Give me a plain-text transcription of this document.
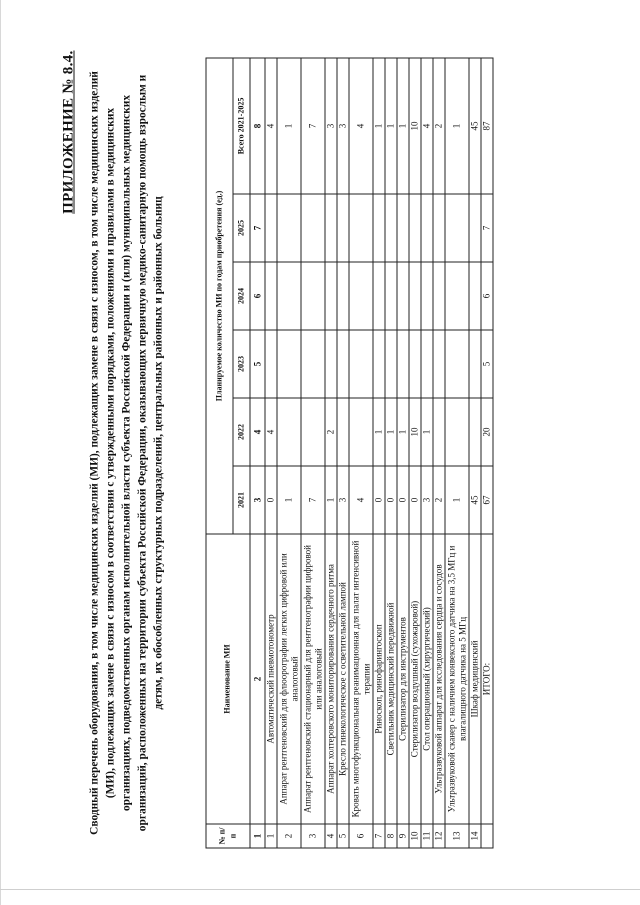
ПРИЛОЖЕНИЕ № 8.4. Сводный перечень оборудования, в том числе медицинских изделий (МИ), подлежащих замене в связи с износом, в том числе медицинских изделий (МИ), подлежащих замене в связи с износом в соответствии с утвержденными порядками, положениями и правилами в медицинских организациях, подведомственных органам исполнительной власти субъекта Российской Федерации и (или) муниципальных медицинских организаций, расположенных на территории субъекта Российской Федерации, оказывающих первичную медико-санитарную помощь взрослым и детям, их обособленных структурных подразделений, центральных районных и районных больниц
№ п/п	Наименование МИ	Планируемое количество МИ по годам приобретения (ед.)					
		2021	2022	2023	2024	2025	Всего 2021-2025
1	2	3	4	5	6	7	8
1	Автоматический пневмотонометр	0	4				4
2	Аппарат рентгеновский для флюорографии легких цифровой или аналоговый	1					1
3	Аппарат рентгеновский стационарный для рентгенографии цифровой или аналоговый	7					7
4	Аппарат холтеровского мониторирования сердечного ритма	1	2				3
5	Кресло гинекологическое с осветительной лампой	3					3
6	Кровать многофункциональная реанимационная для палат интенсивной терапии	4					4
7	Риноскоп, ринофарингоскоп	0	1				1
8	Светильник медицинский передвижной	0	1				1
9	Стерилизатор для инструментов	0	1				1
10	Стерилизатор воздушный (сухожаровой)	0	10				10
11	Стол операционный (хирургический)	3	1				4
12	Ультразвуковой аппарат для исследования сердца и сосудов	2					2
13	Ультразвуковой сканер с наличием конвексного датчика на 3,5 МГц и влагалищного датчика на 5 МГц	1					1
14	Шкаф медицинский	45					45
	ИТОГО:	67	20	5	6	7	87
